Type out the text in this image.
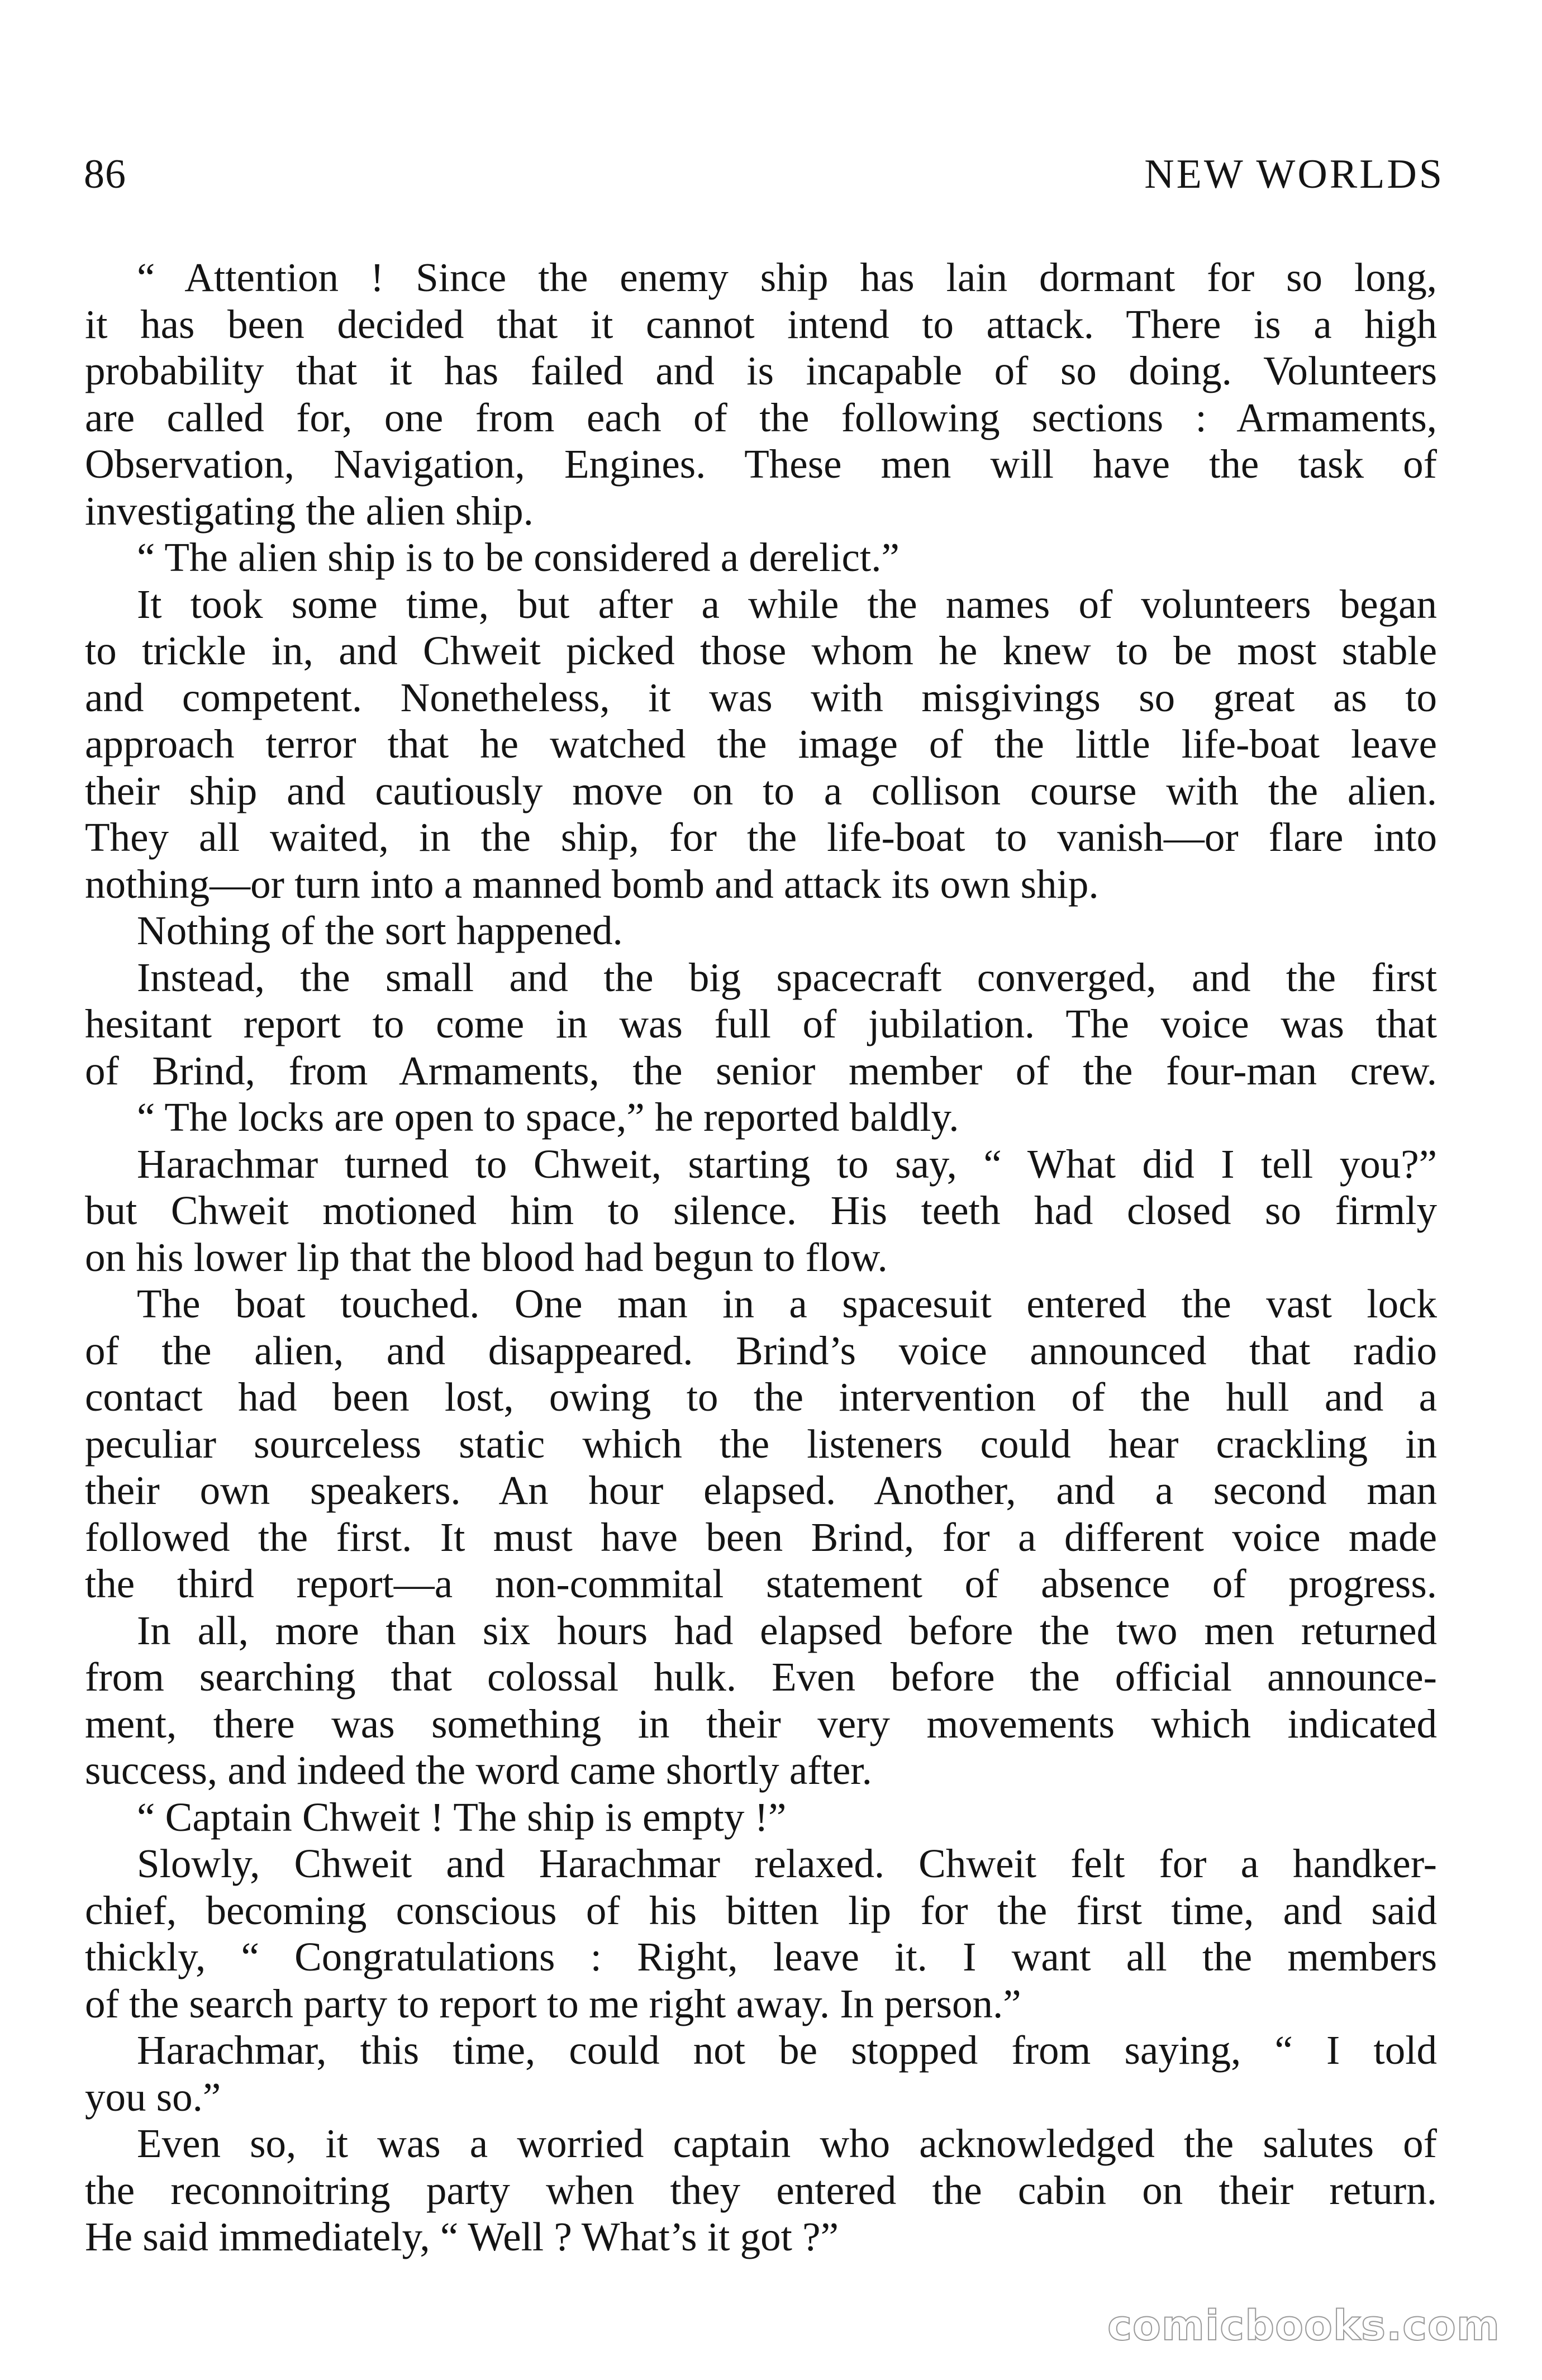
86	NEW WORLDS
“ Attention ! Since the enemy ship has lain dormant for so long,
it has been decided that it cannot intend to attack. There is a high
probability that it has failed and is incapable of so doing. Volunteers
are called for, one from each of the following sections : Armaments,
Observation, Navigation, Engines. These men will have the task of
investigating the alien ship.
“ The alien ship is to be considered a derelict.”
It took some time, but after a while the names of volunteers began
to trickle in, and Chweit picked those whom he knew to be most stable
and competent. Nonetheless, it was with misgivings so great as to
approach terror that he watched the image of the little life-boat leave
their ship and cautiously move on to a collison course with the alien.
They all waited, in the ship, for the life-boat to vanish—or flare into
nothing—or turn into a manned bomb and attack its own ship.
Nothing of the sort happened.
Instead, the small and the big spacecraft converged, and the first
hesitant report to come in was full of jubilation. The voice was that
of Brind, from Armaments, the senior member of the four-man crew.
“ The locks are open to space,” he reported baldly.
Harachmar turned to Chweit, starting to say, “ What did I tell you?”
but Chweit motioned him to silence. His teeth had closed so firmly
on his lower lip that the blood had begun to flow.
The boat touched. One man in a spacesuit entered the vast lock
of the alien, and disappeared. Brind’s voice announced that radio
contact had been lost, owing to the intervention of the hull and a
peculiar sourceless static which the listeners could hear crackling in
their own speakers. An hour elapsed. Another, and a second man
followed the first. It must have been Brind, for a different voice made
the third report—a non-commital statement of absence of progress.
In all, more than six hours had elapsed before the two men returned
from searching that colossal hulk. Even before the official announce-
ment, there was something in their very movements which indicated
success, and indeed the word came shortly after.
“ Captain Chweit ! The ship is empty !”
Slowly, Chweit and Harachmar relaxed. Chweit felt for a handker-
chief, becoming conscious of his bitten lip for the first time, and said
thickly, “ Congratulations : Right, leave it. I want all the members
of the search party to report to me right away. In person.”
Harachmar, this time, could not be stopped from saying, “ I told
you so.”
Even so, it was a worried captain who acknowledged the salutes of
the reconnoitring party when they entered the cabin on their return.
He said immediately, “ Well ? What’s it got ?”
comicbooks.com
